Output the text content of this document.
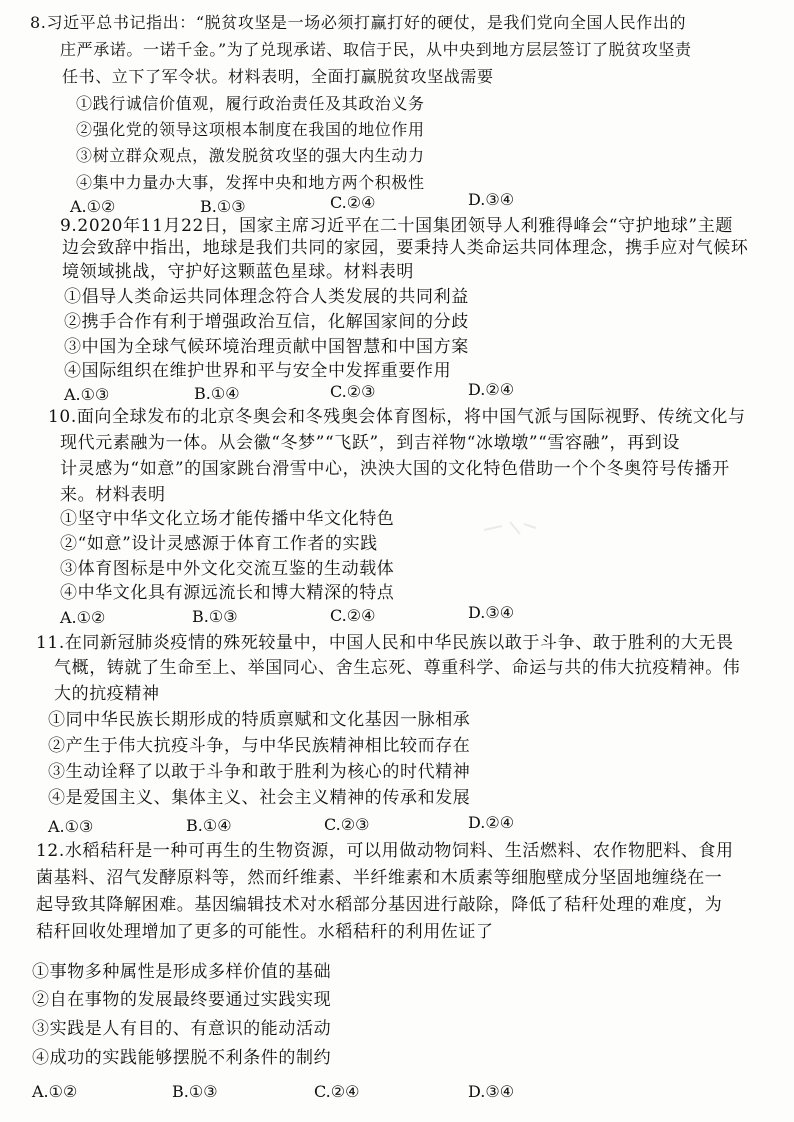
8.习近平总书记指出：“脱贫攻坚是一场必须打赢打好的硬仗，是我们党向全国人民作出的
庄严承诺。一诺千金。”为了兑现承诺、取信于民，从中央到地方层层签订了脱贫攻坚责
任书、立下了军令状。材料表明，全面打赢脱贫攻坚战需要
①践行诚信价值观，履行政治责任及其政治义务
②强化党的领导这项根本制度在我国的地位作用
③树立群众观点，激发脱贫攻坚的强大内生动力
④集中力量办大事，发挥中央和地方两个积极性
A.①②	B.①③	C.②④	D.③④
9.2020年11月22日，国家主席习近平在二十国集团领导人利雅得峰会“守护地球”主题
边会致辞中指出，地球是我们共同的家园，要秉持人类命运共同体理念，携手应对气候环
境领域挑战，守护好这颗蓝色星球。材料表明
①倡导人类命运共同体理念符合人类发展的共同利益
②携手合作有利于增强政治互信，化解国家间的分歧
③中国为全球气候环境治理贡献中国智慧和中国方案
④国际组织在维护世界和平与安全中发挥重要作用
A.①③	B.①④	C.②③	D.②④
10.面向全球发布的北京冬奥会和冬残奥会体育图标，将中国气派与国际视野、传统文化与
现代元素融为一体。从会徽“冬梦”“飞跃”，到吉祥物“冰墩墩”“雪容融”，再到设
计灵感为“如意”的国家跳台滑雪中心，泱泱大国的文化特色借助一个个冬奥符号传播开
来。材料表明
①坚守中华文化立场才能传播中华文化特色
②“如意”设计灵感源于体育工作者的实践
③体育图标是中外文化交流互鉴的生动载体
④中华文化具有源远流长和博大精深的特点
A.①②	B.①③	C.②④	D.③④
11.在同新冠肺炎疫情的殊死较量中，中国人民和中华民族以敢于斗争、敢于胜利的大无畏
气概，铸就了生命至上、举国同心、舍生忘死、尊重科学、命运与共的伟大抗疫精神。伟
大的抗疫精神
①同中华民族长期形成的特质禀赋和文化基因一脉相承
②产生于伟大抗疫斗争，与中华民族精神相比较而存在
③生动诠释了以敢于斗争和敢于胜利为核心的时代精神
④是爱国主义、集体主义、社会主义精神的传承和发展
A.①③	B.①④	C.②③	D.②④
12.水稻秸秆是一种可再生的生物资源，可以用做动物饲料、生活燃料、农作物肥料、食用
菌基料、沼气发酵原料等，然而纤维素、半纤维素和木质素等细胞壁成分坚固地缠绕在一
起导致其降解困难。基因编辑技术对水稻部分基因进行敲除，降低了秸秆处理的难度，为
秸秆回收处理增加了更多的可能性。水稻秸秆的利用佐证了
①事物多种属性是形成多样价值的基础
②自在事物的发展最终要通过实践实现
③实践是人有目的、有意识的能动活动
④成功的实践能够摆脱不利条件的制约
A.①②	B.①③	C.②④	D.③④
